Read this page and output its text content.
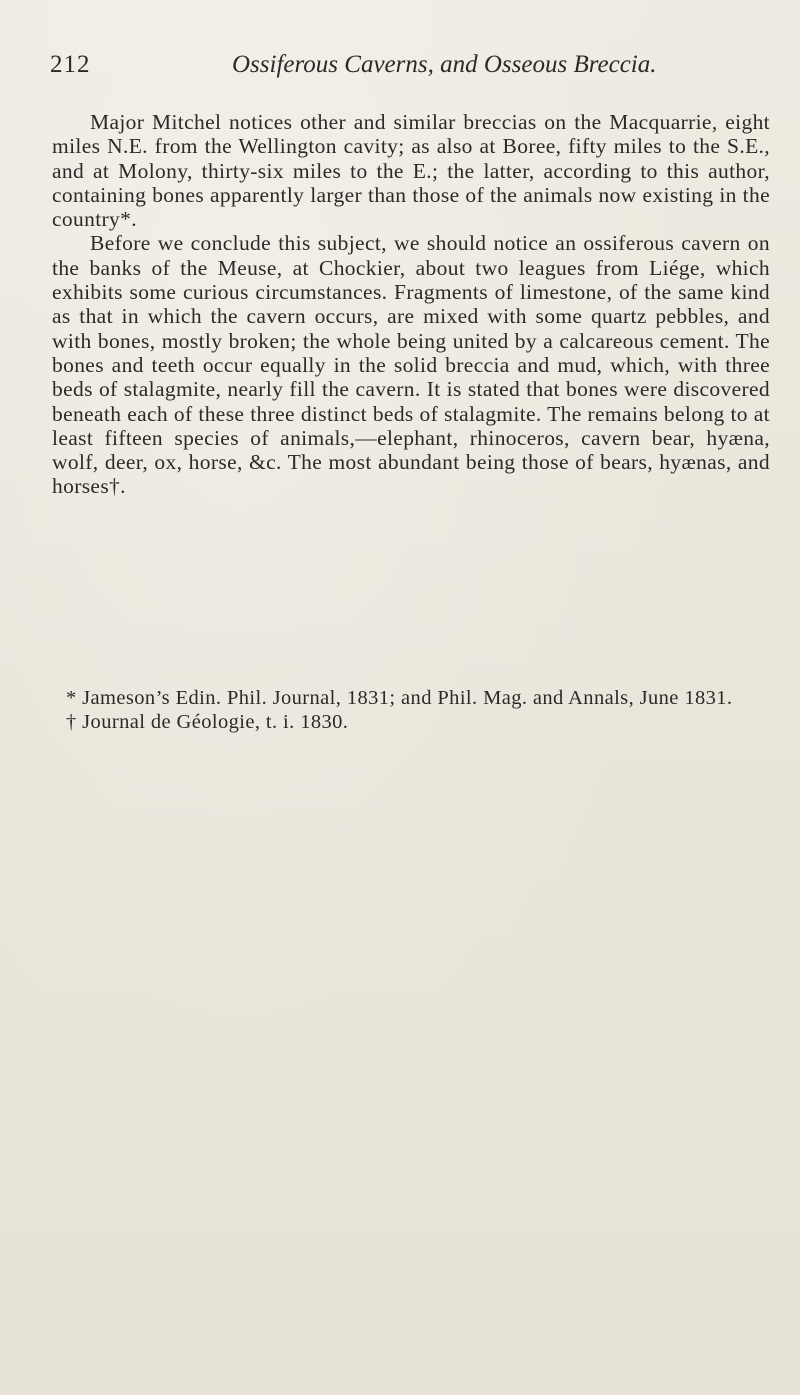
212	Ossiferous Caverns, and Osseous Breccia.

Major Mitchel notices other and similar breccias on the Macquarrie, eight miles N.E. from the Wellington cavity; as also at Boree, fifty miles to the S.E., and at Molony, thirty-six miles to the E.; the latter, according to this author, containing bones apparently larger than those of the animals now existing in the country*.

Before we conclude this subject, we should notice an ossiferous cavern on the banks of the Meuse, at Chockier, about two leagues from Liége, which exhibits some curious circumstances. Fragments of limestone, of the same kind as that in which the cavern occurs, are mixed with some quartz pebbles, and with bones, mostly broken; the whole being united by a calcareous cement. The bones and teeth occur equally in the solid breccia and mud, which, with three beds of stalagmite, nearly fill the cavern. It is stated that bones were discovered beneath each of these three distinct beds of stalagmite. The remains belong to at least fifteen species of animals,—elephant, rhinoceros, cavern bear, hyæna, wolf, deer, ox, horse, &c. The most abundant being those of bears, hyænas, and horses†.

* Jameson’s Edin. Phil. Journal, 1831; and Phil. Mag. and Annals, June 1831.

† Journal de Géologie, t. i. 1830.
